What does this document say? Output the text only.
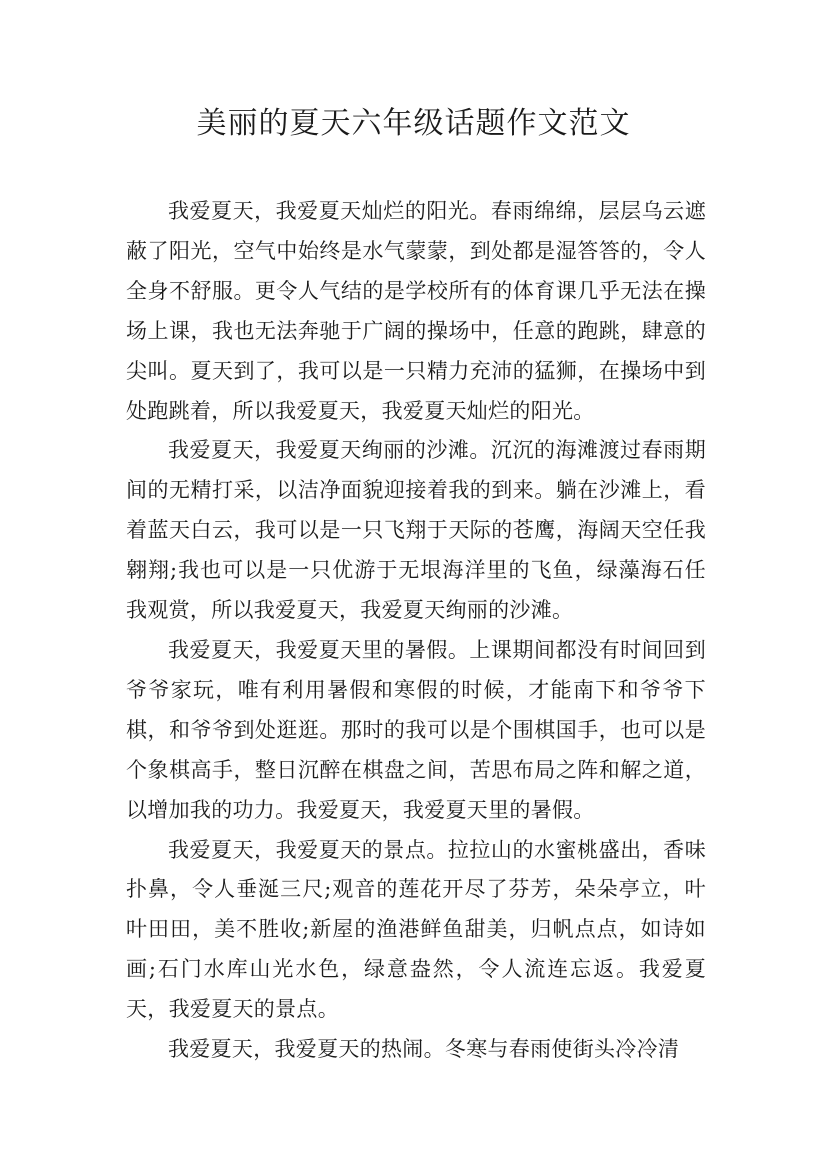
美丽的夏天六年级话题作文范文

我爱夏天，我爱夏天灿烂的阳光。春雨绵绵，层层乌云遮蔽了阳光，空气中始终是水气蒙蒙，到处都是湿答答的，令人全身不舒服。更令人气结的是学校所有的体育课几乎无法在操场上课，我也无法奔驰于广阔的操场中，任意的跑跳，肆意的尖叫。夏天到了，我可以是一只精力充沛的猛狮，在操场中到处跑跳着，所以我爱夏天，我爱夏天灿烂的阳光。

我爱夏天，我爱夏天绚丽的沙滩。沉沉的海滩渡过春雨期间的无精打采，以洁净面貌迎接着我的到来。躺在沙滩上，看着蓝天白云，我可以是一只飞翔于天际的苍鹰，海阔天空任我翱翔;我也可以是一只优游于无垠海洋里的飞鱼，绿藻海石任我观赏，所以我爱夏天，我爱夏天绚丽的沙滩。

我爱夏天，我爱夏天里的暑假。上课期间都没有时间回到爷爷家玩，唯有利用暑假和寒假的时候，才能南下和爷爷下棋，和爷爷到处逛逛。那时的我可以是个围棋国手，也可以是个象棋高手，整日沉醉在棋盘之间，苦思布局之阵和解之道，以增加我的功力。我爱夏天，我爱夏天里的暑假。

我爱夏天，我爱夏天的景点。拉拉山的水蜜桃盛出，香味扑鼻，令人垂涎三尺;观音的莲花开尽了芬芳，朵朵亭立，叶叶田田，美不胜收;新屋的渔港鲜鱼甜美，归帆点点，如诗如画;石门水库山光水色，绿意盎然，令人流连忘返。我爱夏天，我爱夏天的景点。

我爱夏天，我爱夏天的热闹。冬寒与春雨使街头冷冷清
